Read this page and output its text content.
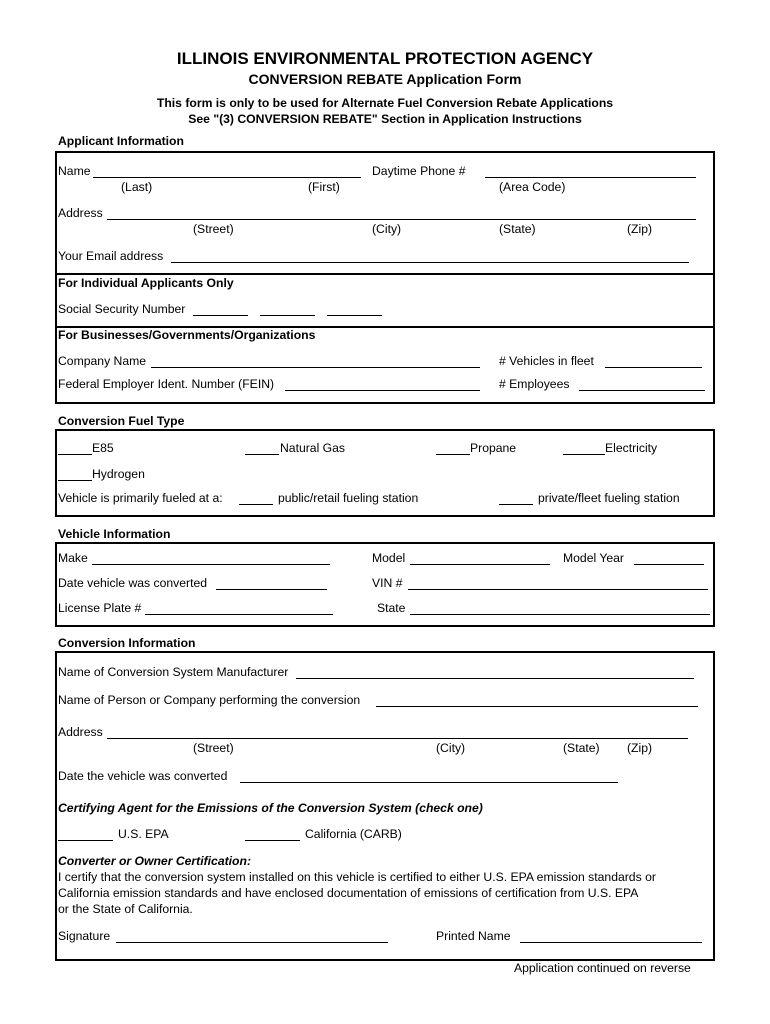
ILLINOIS ENVIRONMENTAL PROTECTION AGENCY
CONVERSION REBATE Application Form
This form is only to be used for Alternate Fuel Conversion Rebate Applications
See "(3) CONVERSION REBATE" Section in Application Instructions
Applicant Information
Name	Daytime Phone #
(Last)	(First)	(Area Code)
Address
(Street)	(City)	(State)	(Zip)
Your Email address
For Individual Applicants Only
Social Security Number
For Businesses/Governments/Organizations
Company Name	# Vehicles in fleet
Federal Employer Ident. Number (FEIN)	# Employees
Conversion Fuel Type
E85	Natural Gas	Propane	Electricity
Hydrogen
Vehicle is primarily fueled at a:	public/retail fueling station	private/fleet fueling station
Vehicle Information
Make	Model	Model Year
Date vehicle was converted	VIN #
License Plate #	State
Conversion Information
Name of Conversion System Manufacturer
Name of Person or Company performing the conversion
Address
(Street)	(City)	(State) (Zip)
Date the vehicle was converted
Certifying Agent for the Emissions of the Conversion System (check one)
U.S. EPA	California (CARB)
Converter or Owner Certification:
I certify that the conversion system installed on this vehicle is certified to either U.S. EPA emission standards or
California emission standards and have enclosed documentation of emissions of certification from U.S. EPA
or the State of California.
Signature	Printed Name
Application continued on reverse
